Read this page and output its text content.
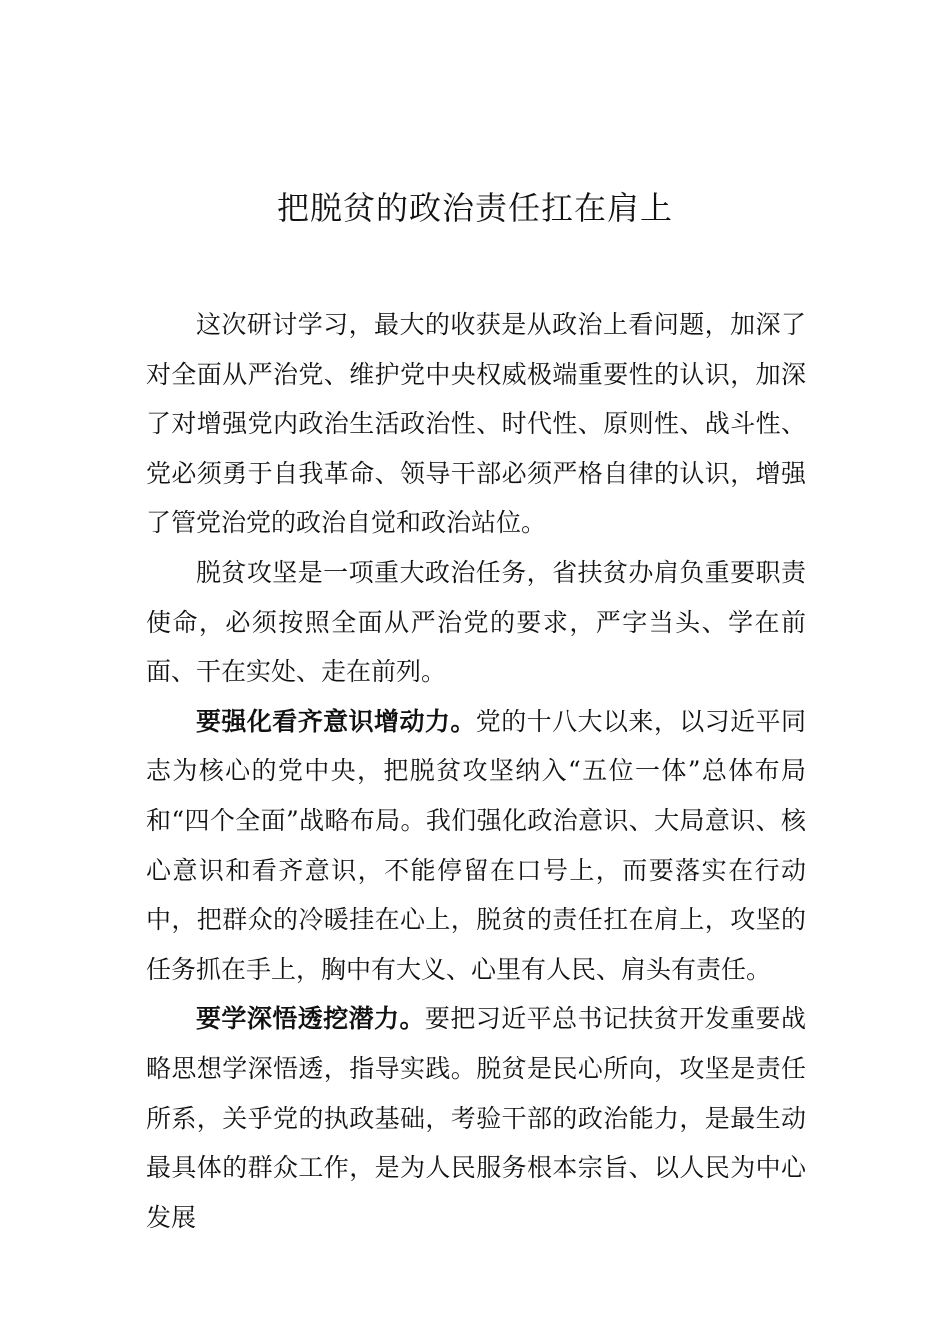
把脱贫的政治责任扛在肩上

这次研讨学习，最大的收获是从政治上看问题，加深了对全面从严治党、维护党中央权威极端重要性的认识，加深了对增强党内政治生活政治性、时代性、原则性、战斗性、党必须勇于自我革命、领导干部必须严格自律的认识，增强了管党治党的政治自觉和政治站位。

脱贫攻坚是一项重大政治任务，省扶贫办肩负重要职责使命，必须按照全面从严治党的要求，严字当头、学在前面、干在实处、走在前列。

要强化看齐意识增动力。党的十八大以来，以习近平同志为核心的党中央，把脱贫攻坚纳入“五位一体”总体布局和“四个全面”战略布局。我们强化政治意识、大局意识、核心意识和看齐意识，不能停留在口号上，而要落实在行动中，把群众的冷暖挂在心上，脱贫的责任扛在肩上，攻坚的任务抓在手上，胸中有大义、心里有人民、肩头有责任。

要学深悟透挖潜力。要把习近平总书记扶贫开发重要战略思想学深悟透，指导实践。脱贫是民心所向，攻坚是责任所系，关乎党的执政基础，考验干部的政治能力，是最生动最具体的群众工作，是为人民服务根本宗旨、以人民为中心发展
